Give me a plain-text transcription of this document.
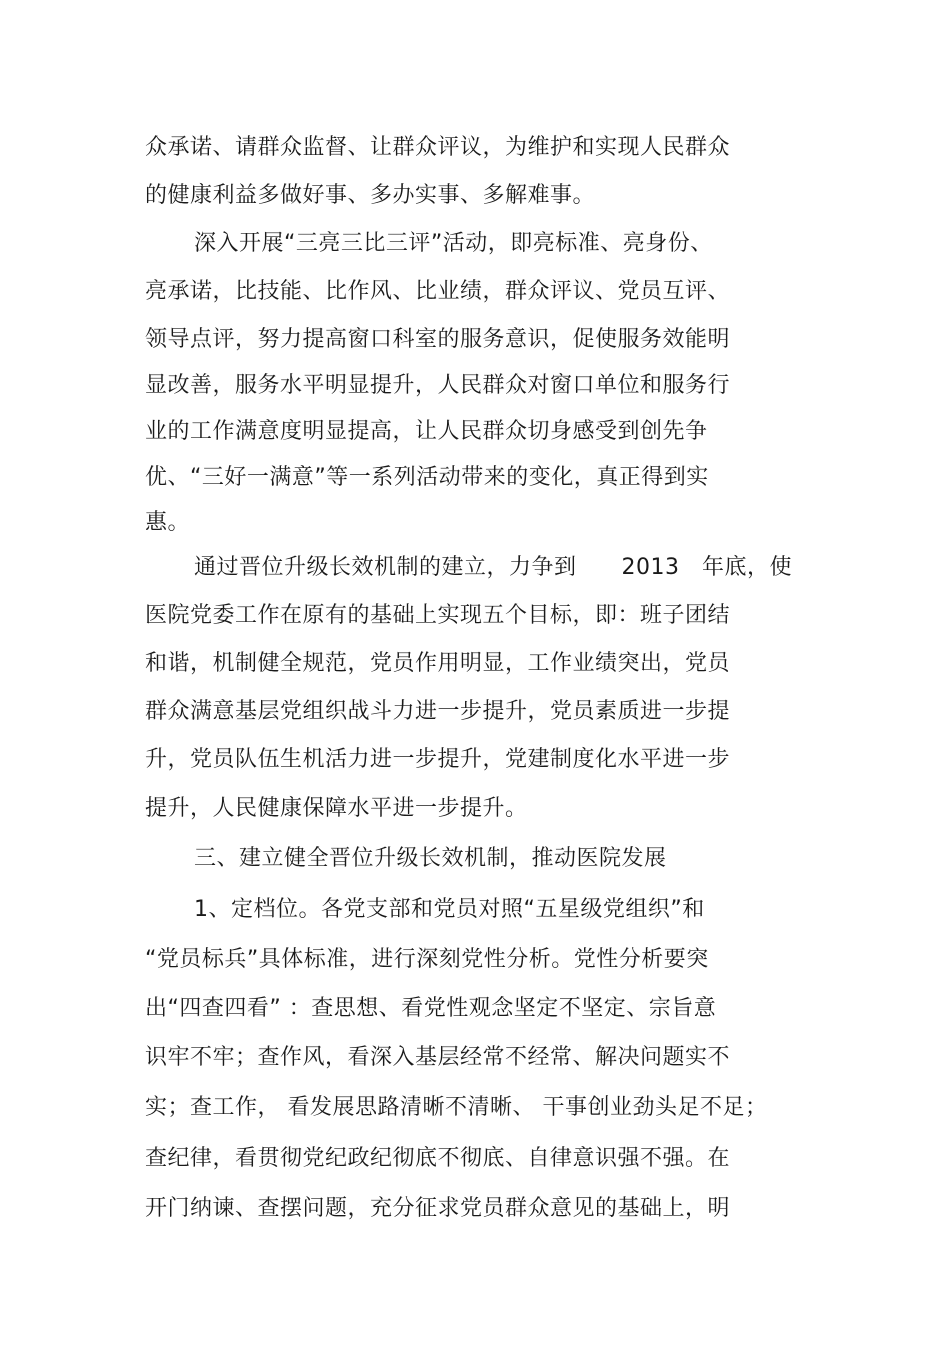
众承诺、请群众监督、让群众评议，为维护和实现人民群众
的健康利益多做好事、多办实事、多解难事。
深入开展“三亮三比三评”活动，即亮标准、亮身份、
亮承诺，比技能、比作风、比业绩，群众评议、党员互评、
领导点评，努力提高窗口科室的服务意识，促使服务效能明
显改善，服务水平明显提升，人民群众对窗口单位和服务行
业的工作满意度明显提高，让人民群众切身感受到创先争
优、“三好一满意”等一系列活动带来的变化，真正得到实
惠。
通过晋位升级长效机制的建立，力争到　　2013　年底，使
医院党委工作在原有的基础上实现五个目标，即：班子团结
和谐，机制健全规范，党员作用明显，工作业绩突出，党员
群众满意基层党组织战斗力进一步提升，党员素质进一步提
升，党员队伍生机活力进一步提升，党建制度化水平进一步
提升，人民健康保障水平进一步提升。
三、建立健全晋位升级长效机制，推动医院发展
1、定档位。各党支部和党员对照“五星级党组织”和
“党员标兵”具体标准，进行深刻党性分析。党性分析要突
出“四查四看” ：查思想、看党性观念坚定不坚定、宗旨意
识牢不牢；查作风，看深入基层经常不经常、解决问题实不
实；查工作， 看发展思路清晰不清晰、 干事创业劲头足不足；
查纪律，看贯彻党纪政纪彻底不彻底、自律意识强不强。在
开门纳谏、查摆问题，充分征求党员群众意见的基础上，明
